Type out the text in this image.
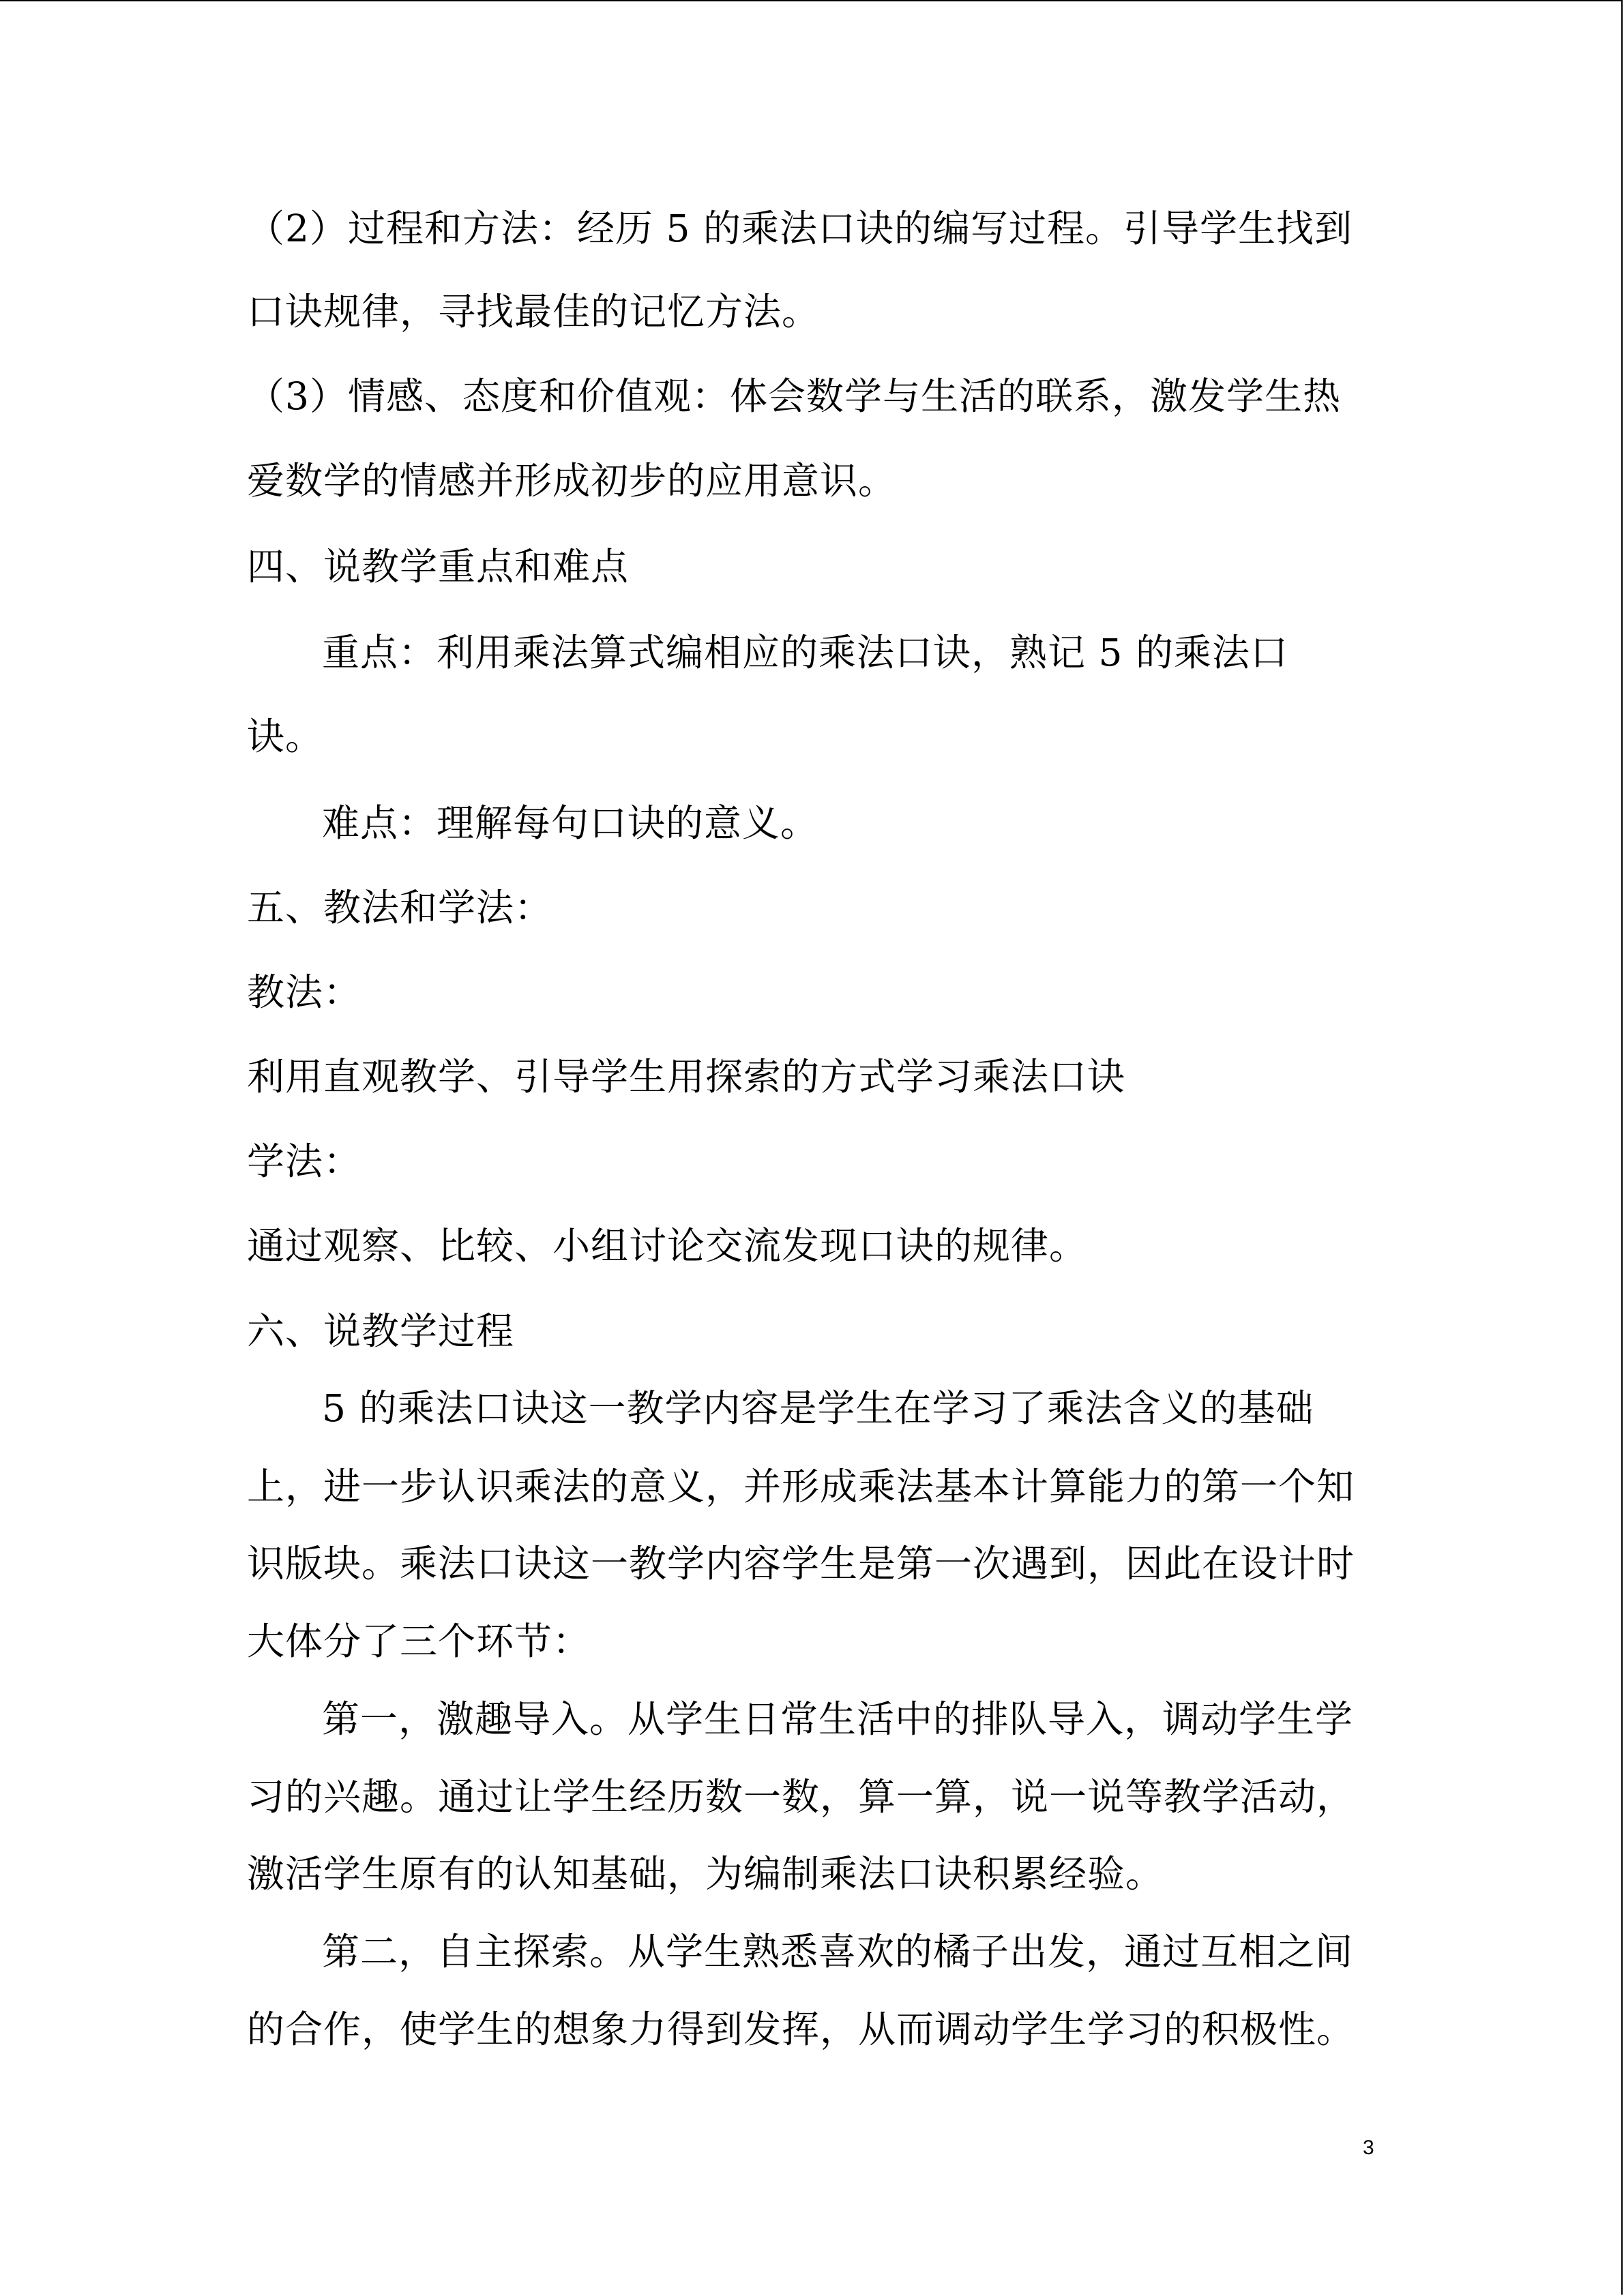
（2）过程和方法：经历 5 的乘法口诀的编写过程。引导学生找到
口诀规律，寻找最佳的记忆方法。
（3）情感、态度和价值观：体会数学与生活的联系，激发学生热
爱数学的情感并形成初步的应用意识。
四、说教学重点和难点
重点：利用乘法算式编相应的乘法口诀，熟记 5 的乘法口
诀。
难点：理解每句口诀的意义。
五、教法和学法：
教法：
利用直观教学、引导学生用探索的方式学习乘法口诀
学法：
通过观察、比较、小组讨论交流发现口诀的规律。
六、说教学过程
5 的乘法口诀这一教学内容是学生在学习了乘法含义的基础
上，进一步认识乘法的意义，并形成乘法基本计算能力的第一个知
识版块。乘法口诀这一教学内容学生是第一次遇到，因此在设计时
大体分了三个环节：
第一，激趣导入。从学生日常生活中的排队导入，调动学生学
习的兴趣。通过让学生经历数一数，算一算，说一说等教学活动，
激活学生原有的认知基础，为编制乘法口诀积累经验。
第二，自主探索。从学生熟悉喜欢的橘子出发，通过互相之间
的合作，使学生的想象力得到发挥，从而调动学生学习的积极性。
3
